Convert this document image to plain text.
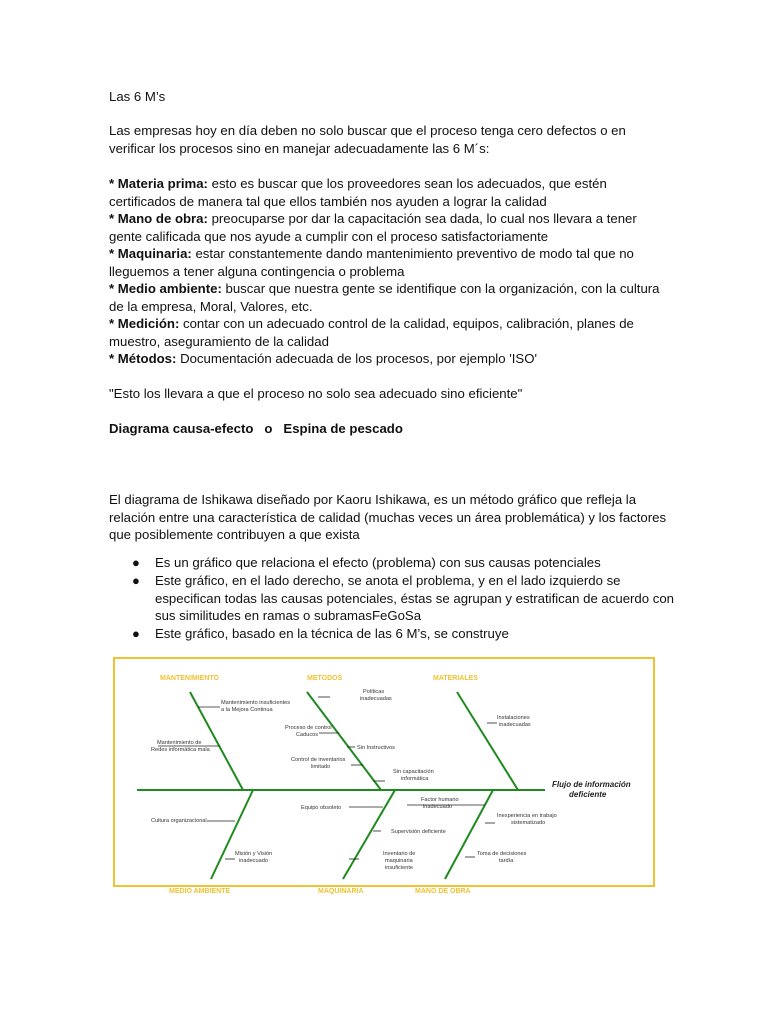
Las 6 M’s
Las empresas hoy en día deben no solo buscar que el proceso tenga cero defectos o en
verificar los procesos sino en manejar adecuadamente las 6 M´s:
* Materia prima: esto es buscar que los proveedores sean los adecuados, que estén
certificados de manera tal que ellos también nos ayuden a lograr la calidad
* Mano de obra: preocuparse por dar la capacitación sea dada, lo cual nos llevara a tener
gente calificada que nos ayude a cumplir con el proceso satisfactoriamente
* Maquinaria: estar constantemente dando mantenimiento preventivo de modo tal que no
lleguemos a tener alguna contingencia o problema
* Medio ambiente: buscar que nuestra gente se identifique con la organización, con la cultura
de la empresa, Moral, Valores, etc.
* Medición: contar con un adecuado control de la calidad, equipos, calibración, planes de
muestro, aseguramiento de la calidad
* Métodos: Documentación adecuada de los procesos, por ejemplo 'ISO'
"Esto los llevara a que el proceso no solo sea adecuado sino eficiente"
Diagrama causa-efecto   o   Espina de pescado
El diagrama de Ishikawa diseñado por Kaoru Ishikawa, es un método gráfico que refleja la
relación entre una característica de calidad (muchas veces un área problemática) y los factores
que posiblemente contribuyen a que exista
● Es un gráfico que relaciona el efecto (problema) con sus causas potenciales
● Este gráfico, en el lado derecho, se anota el problema, y en el lado izquierdo se
especifican todas las causas potenciales, éstas se agrupan y estratifican de acuerdo con
sus similitudes en ramas o subramasFeGoSa
● Este gráfico, basado en la técnica de las 6 M’s, se construye
MANTENIMIENTO	METODOS	MATERIALES
MEDIO AMBIENTE	MAQUINARIA	MANO DE OBRA
Flujo de información
deficiente
Mantenimiento insuficientes
a la Mejora Continua
Mantenimiento de
Redes informática mala
Políticas
inadecuadas
Proceso de control
Caducos
Sin Instructivos
Control de inventarios
limitado
Sin capacitación
informática
Instalaciones
inadecuadas
Cultura organizacional
Misión y Visión
inadecuado
Equipo obsoleto
Supervisión deficiente
Inventario de
maquinaria
insuficiente
Factor humano
inadecuado
Inexperiencia en trabajo
sistematizado
Toma de decisiones
tardía
